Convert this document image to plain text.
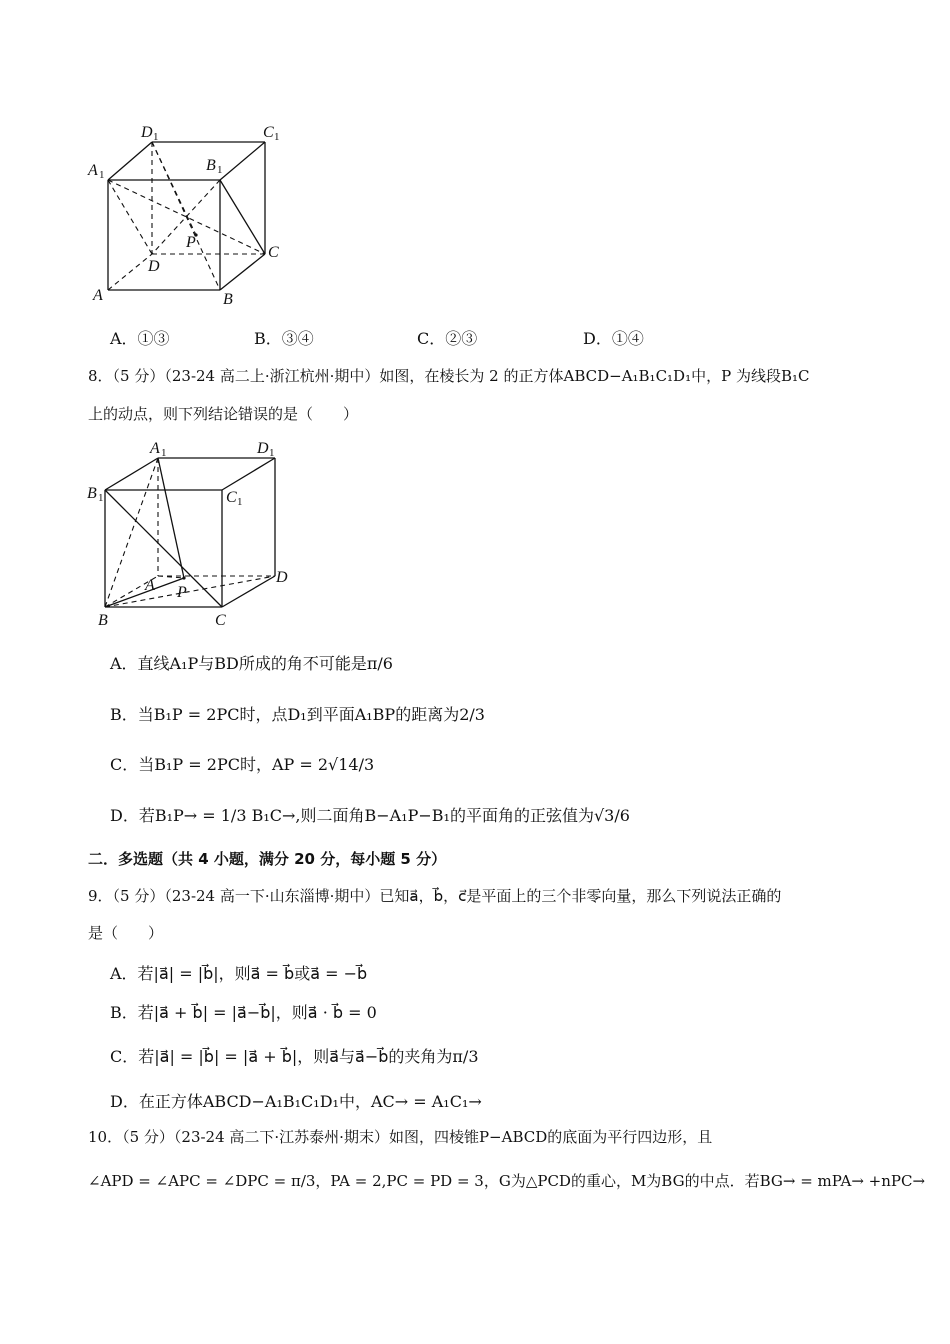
D 1	C 1
A 1
B 1
P
D
C
A	B
A．①③	B．③④	C．②③	D．①④
8．（5 分）（23-24 高二上·浙江杭州·期中）如图，在棱长为 2 的正方体ABCD−A₁B₁C₁D₁中，P 为线段B₁C
上的动点，则下列结论错误的是（　　）
A 1	D 1
B 1	C 1
A P
D
B	C
A．直线A₁P与BD所成的角不可能是π/6
B．当B₁P = 2PC时，点D₁到平面A₁BP的距离为2/3
C．当B₁P = 2PC时，AP = 2√14/3
D．若B₁P→ = 1/3 B₁C→,则二面角B−A₁P−B₁的平面角的正弦值为√3/6
二．多选题（共 4 小题，满分 20 分，每小题 5 分）
9．（5 分）（23-24 高一下·山东淄博·期中）已知a⃗，b⃗，c⃗是平面上的三个非零向量，那么下列说法正确的
是（　　）
A．若|a⃗| = |b⃗|，则a⃗ = b⃗或a⃗ = −b⃗
B．若|a⃗ + b⃗| = |a⃗−b⃗|，则a⃗ · b⃗ = 0
C．若|a⃗| = |b⃗| = |a⃗ + b⃗|，则a⃗与a⃗−b⃗的夹角为π/3
D．在正方体ABCD−A₁B₁C₁D₁中，AC→ = A₁C₁→
10．（5 分）（23-24 高二下·江苏泰州·期末）如图，四棱锥P−ABCD的底面为平行四边形，且
∠APD = ∠APC = ∠DPC = π/3，PA = 2,PC = PD = 3，G为△PCD的重心，M为BG的中点．若BG→ = mPA→ +nPC→
